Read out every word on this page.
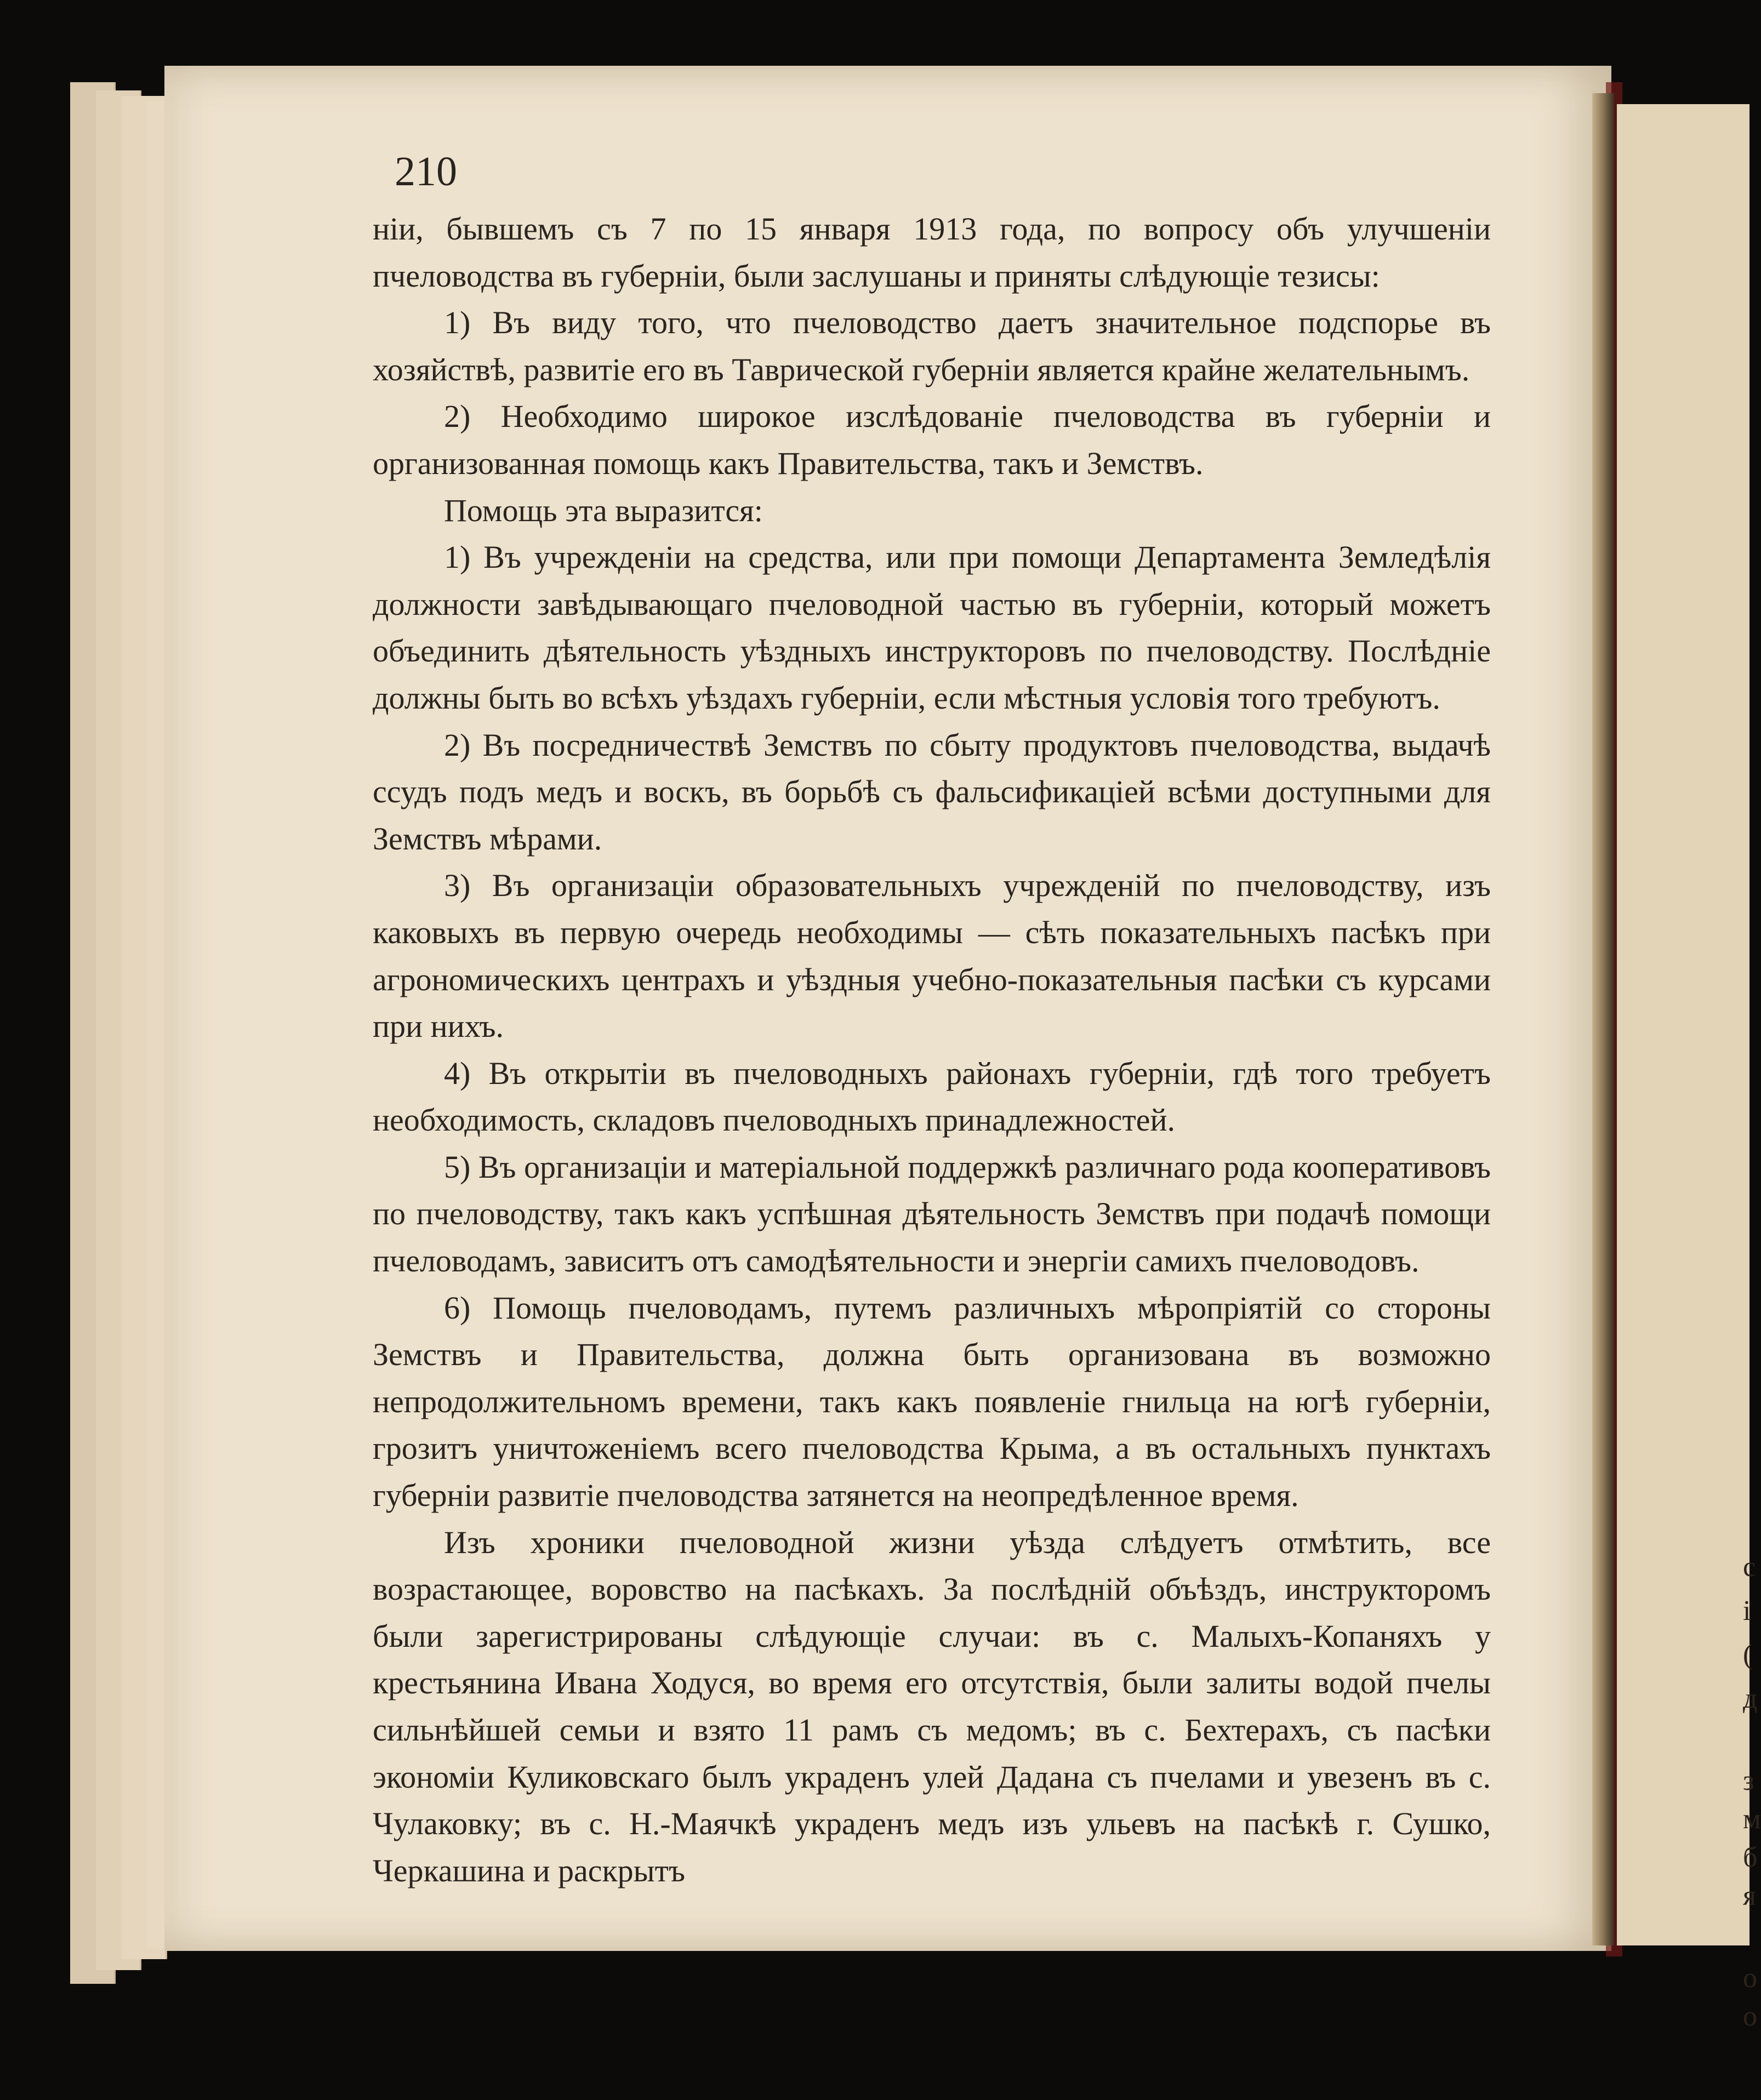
с
і
(
д
з
м
б
я
о
о
210

ніи, бывшемъ съ 7 по 15 января 1913 года, по вопросу объ улучшеніи пчеловодства въ губерніи, были заслушаны и приняты слѣдующіе тезисы:

1) Въ виду того, что пчеловодство даетъ значительное подспорье въ хозяйствѣ, развитіе его въ Таврической губерніи является крайне желательнымъ.

2) Необходимо широкое изслѣдованіе пчеловодства въ губерніи и организованная помощь какъ Правительства, такъ и Земствъ.

Помощь эта выразится:

1) Въ учрежденіи на средства, или при помощи Департамента Земледѣлія должности завѣдывающаго пчеловодной частью въ губерніи, который можетъ объединить дѣятельность уѣздныхъ инструкторовъ по пчеловодству. Послѣдніе должны быть во всѣхъ уѣздахъ губерніи, если мѣстныя условія того требуютъ.

2) Въ посредничествѣ Земствъ по сбыту продуктовъ пчеловодства, выдачѣ ссудъ подъ медъ и воскъ, въ борьбѣ съ фальсификаціей всѣми доступными для Земствъ мѣрами.

3) Въ организаціи образовательныхъ учрежденій по пчеловодству, изъ каковыхъ въ первую очередь необходимы — сѣть показательныхъ пасѣкъ при агрономическихъ центрахъ и уѣздныя учебно-показательныя пасѣки съ курсами при нихъ.

4) Въ открытіи въ пчеловодныхъ районахъ губерніи, гдѣ того требуетъ необходимость, складовъ пчеловодныхъ принадлежностей.

5) Въ организаціи и матеріальной поддержкѣ различнаго рода кооперативовъ по пчеловодству, такъ какъ успѣшная дѣятельность Земствъ при подачѣ помощи пчеловодамъ, зависитъ отъ самодѣятельности и энергіи самихъ пчеловодовъ.

6) Помощь пчеловодамъ, путемъ различныхъ мѣропріятій со стороны Земствъ и Правительства, должна быть организована въ возможно непродолжительномъ времени, такъ какъ появленіе гнильца на югѣ губерніи, грозитъ уничтоженіемъ всего пчеловодства Крыма, а въ остальныхъ пунктахъ губерніи развитіе пчеловодства затянется на неопредѣленное время.

Изъ хроники пчеловодной жизни уѣзда слѣдуетъ отмѣтить, все возрастающее, воровство на пасѣкахъ. За послѣдній объѣздъ, инструкторомъ были зарегистрированы слѣдующіе случаи: въ с. Малыхъ-Копаняхъ у крестьянина Ивана Ходуся, во время его отсутствія, были залиты водой пчелы сильнѣйшей семьи и взято 11 рамъ съ медомъ; въ с. Бехтерахъ, съ пасѣки экономіи Куликовскаго былъ украденъ улей Дадана съ пчелами и увезенъ въ с. Чулаковку; въ с. Н.-Маячкѣ украденъ медъ изъ ульевъ на пасѣкѣ г. Сушко, Черкашина и раскрытъ
